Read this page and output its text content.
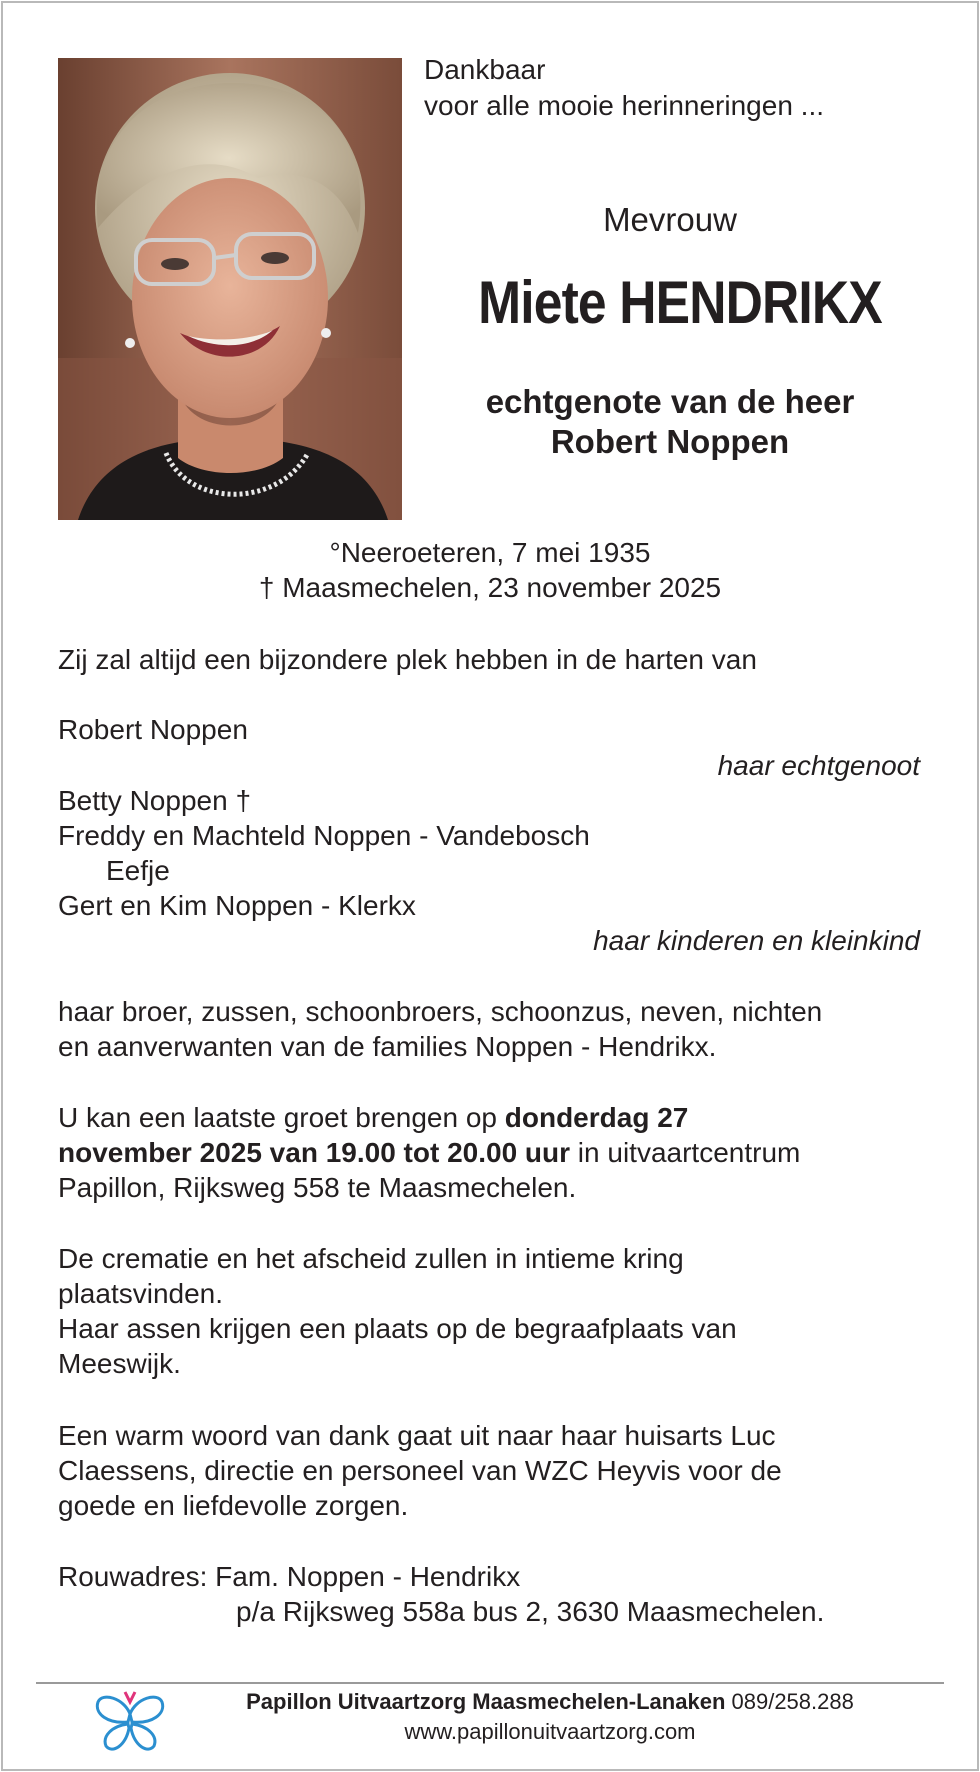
Dankbaar

voor alle mooie herinneringen ...

Mevrouw

Miete HENDRIKX

echtgenote van de heer

Robert Noppen

°Neeroeteren, 7 mei 1935

† Maasmechelen, 23 november 2025

Zij zal altijd een bijzondere plek hebben in de harten van

Robert Noppen

haar echtgenoot

Betty Noppen †

Freddy en Machteld Noppen - Vandebosch

Eefje

Gert en Kim Noppen - Klerkx

haar kinderen en kleinkind

haar broer, zussen, schoonbroers, schoonzus, neven, nichten

en aanverwanten van de families Noppen - Hendrikx.

U kan een laatste groet brengen op donderdag 27

november 2025 van 19.00 tot 20.00 uur in uitvaartcentrum

Papillon, Rijksweg 558 te Maasmechelen.

De crematie en het afscheid zullen in intieme kring

plaatsvinden.

Haar assen krijgen een plaats op de begraafplaats van

Meeswijk.

Een warm woord van dank gaat uit naar haar huisarts Luc

Claessens, directie en personeel van WZC Heyvis voor de

goede en liefdevolle zorgen.

Rouwadres: Fam. Noppen - Hendrikx

p/a Rijksweg 558a bus 2, 3630 Maasmechelen.

Papillon Uitvaartzorg Maasmechelen-Lanaken 089/258.288

www.papillonuitvaartzorg.com
